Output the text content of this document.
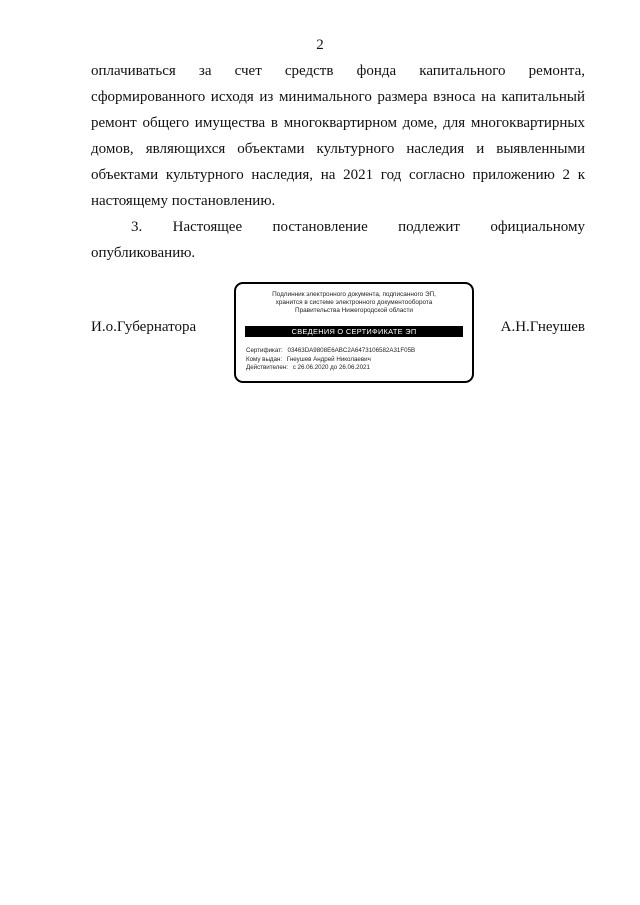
2
оплачиваться за счет средств фонда капитального ремонта,
сформированного исходя из минимального размера взноса на капитальный
ремонт общего имущества в многоквартирном доме, для многоквартирных
домов, являющихся объектами культурного наследия и выявленными
объектами культурного наследия, на 2021 год согласно приложению 2 к
настоящему постановлению.
3. Настоящее постановление подлежит официальному
опубликованию.
И.о.Губернатора	А.Н.Гнеушев
Подлинник электронного документа, подписанного ЭП,
хранится в системе электронного документооборота
Правительства Нижегородской области
СВЕДЕНИЯ О СЕРТИФИКАТЕ ЭП
Сертификат: 03463DA9808E6ABC2A6473106582A31F05B
Кому выдан: Гнеушев Андрей Николаевич
Действителен: с 26.06.2020 до 26.06.2021
